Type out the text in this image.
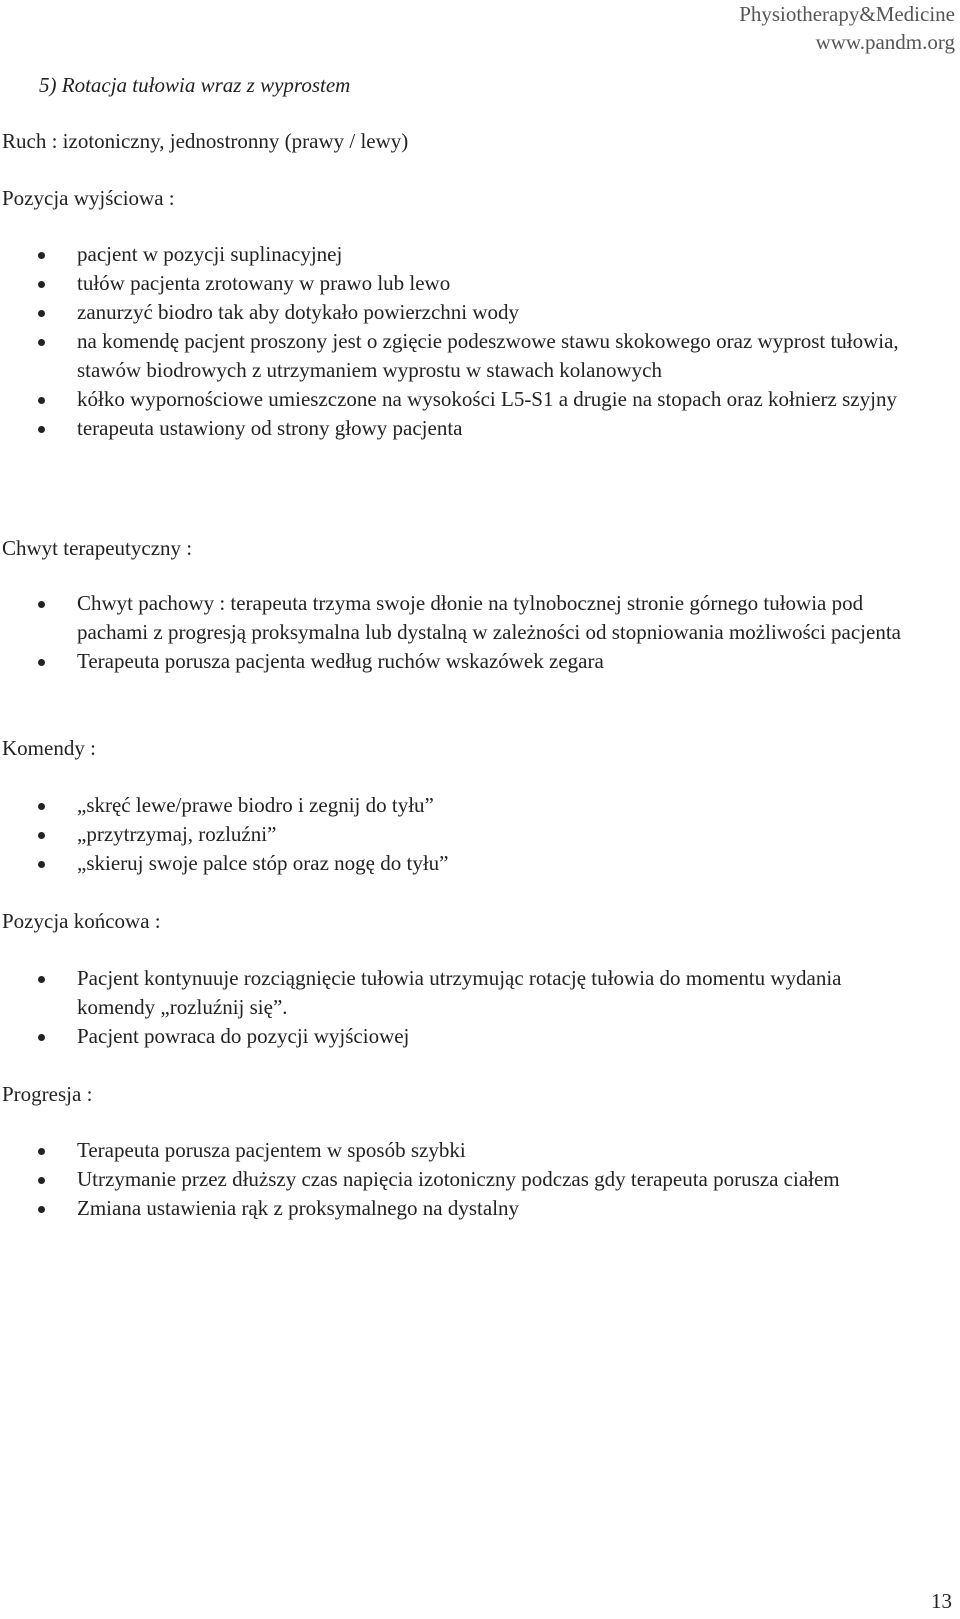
Physiotherapy&Medicine
www.pandm.org
5) Rotacja tułowia wraz z wyprostem
Ruch : izotoniczny, jednostronny (prawy / lewy)
Pozycja wyjściowa :
pacjent w pozycji suplinacyjnej
tułów pacjenta zrotowany w prawo lub lewo
zanurzyć biodro tak aby dotykało powierzchni wody
na komendę pacjent proszony jest o zgięcie podeszwowe stawu skokowego oraz wyprost tułowia, stawów biodrowych z utrzymaniem wyprostu w stawach kolanowych
kółko wypornościowe umieszczone na wysokości L5-S1 a drugie na stopach oraz kołnierz szyjny
terapeuta ustawiony od strony głowy pacjenta
Chwyt terapeutyczny :
Chwyt pachowy : terapeuta trzyma swoje dłonie na tylnobocznej stronie górnego tułowia pod pachami z progresją proksymalna lub dystalną w zależności od stopniowania możliwości pacjenta
Terapeuta porusza pacjenta według ruchów wskazówek zegara
Komendy :
„skręć lewe/prawe biodro i zegnij do tyłu”
„przytrzymaj, rozluźni”
„skieruj swoje palce stóp oraz nogę do tyłu”
Pozycja końcowa :
Pacjent kontynuuje rozciągnięcie tułowia utrzymując rotację tułowia do momentu wydania komendy „rozluźnij się”.
Pacjent powraca do pozycji wyjściowej
Progresja :
Terapeuta porusza pacjentem w sposób szybki
Utrzymanie przez dłuższy czas napięcia izotoniczny podczas gdy terapeuta porusza ciałem
Zmiana ustawienia rąk z proksymalnego na dystalny
13
